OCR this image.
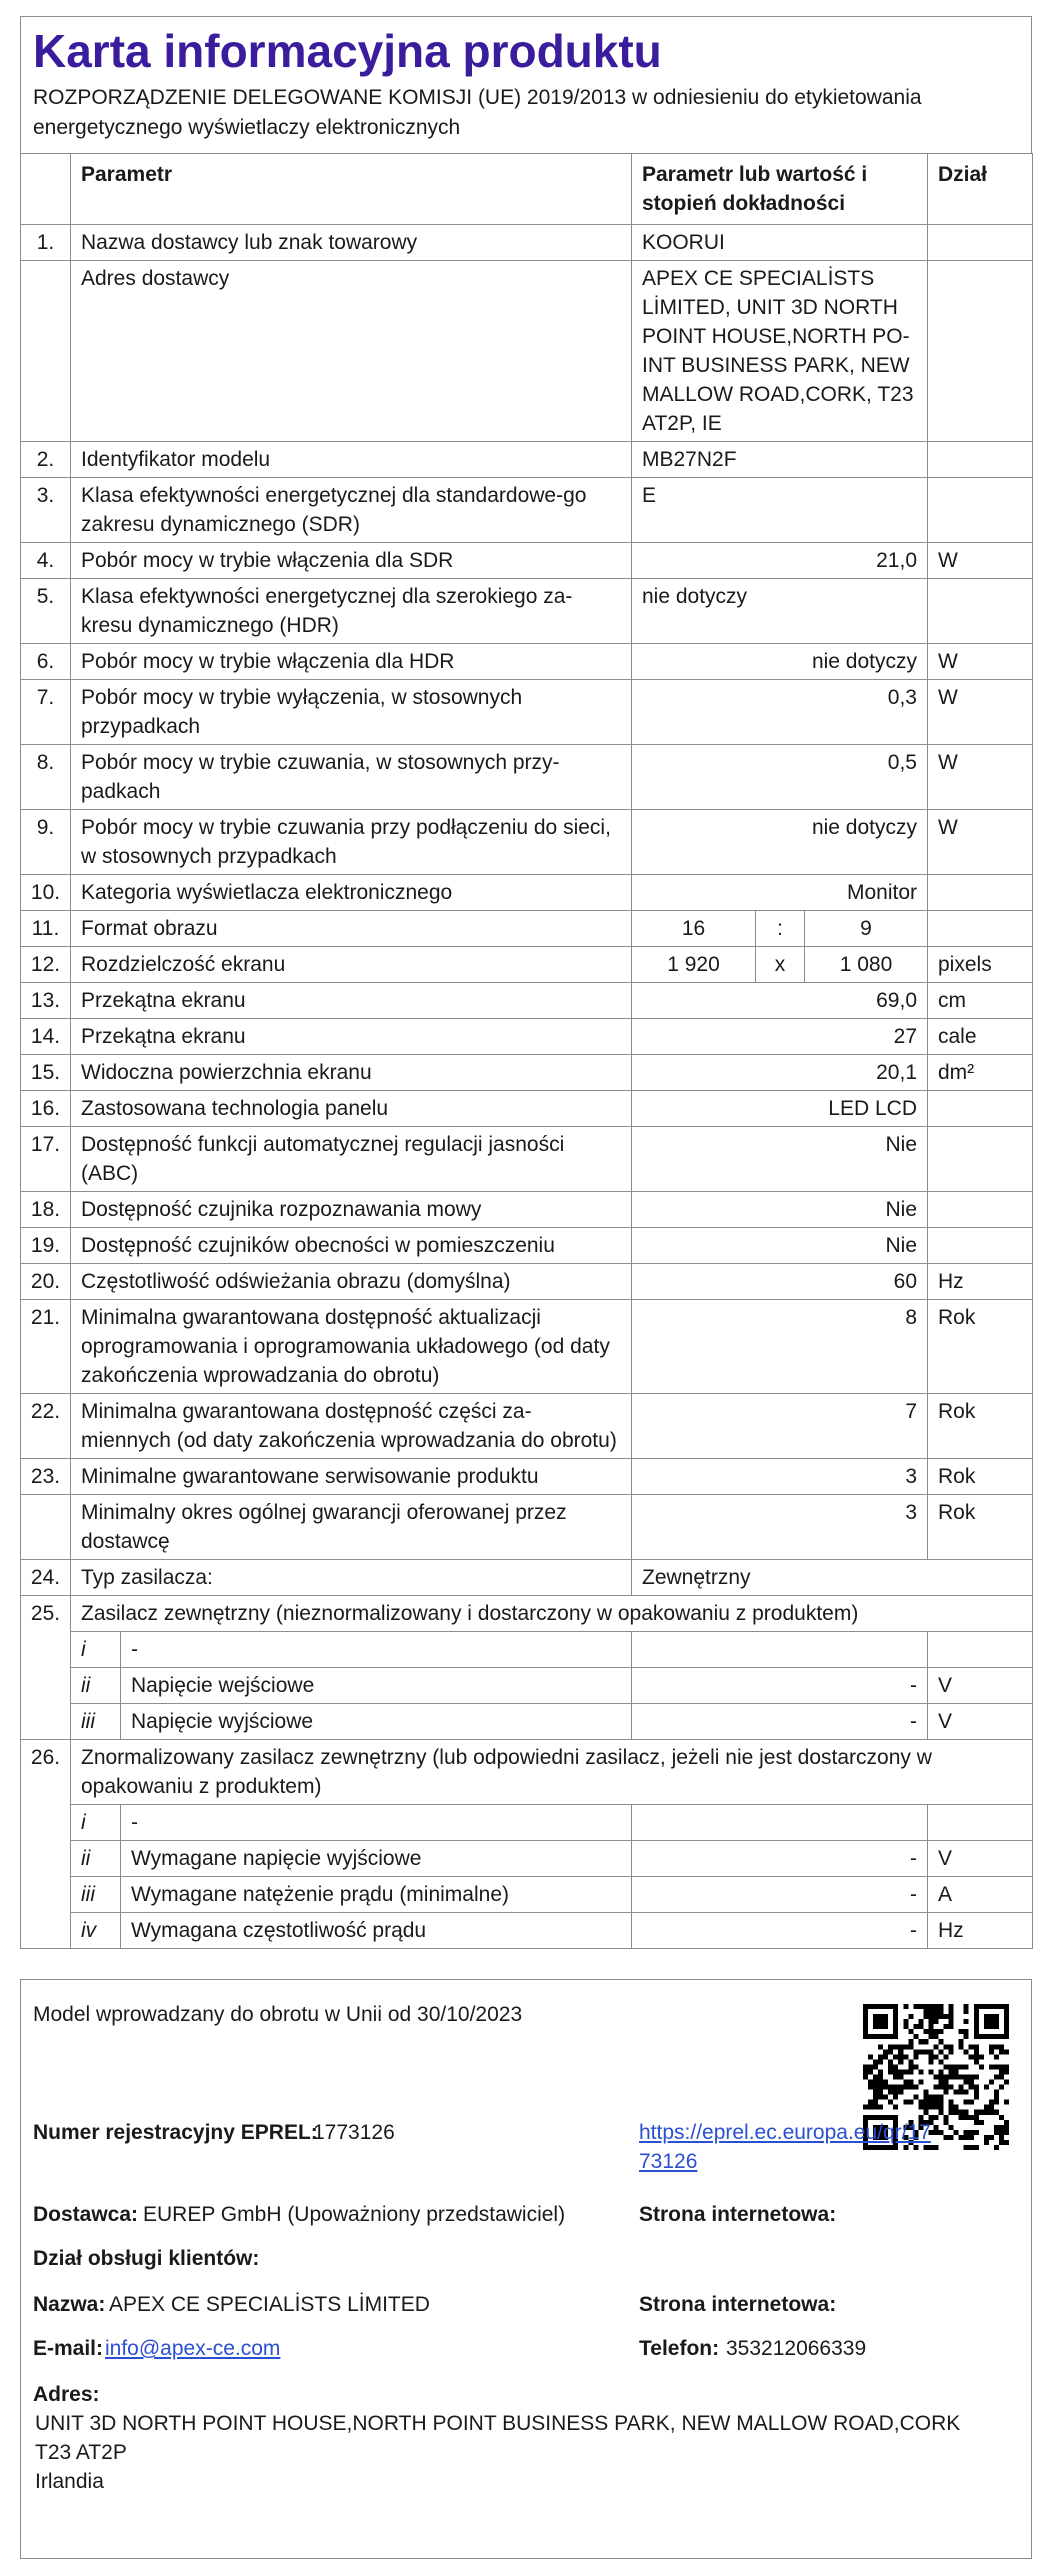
Karta informacyjna produktu
ROZPORZĄDZENIE DELEGOWANE KOMISJI (UE) 2019/2013 w odniesieniu do etykietowania energetycznego wyświetlaczy elektronicznych
	Parametr		Parametr lub wartość i stopień dokładności			Dział
1.	Nazwa dostawcy lub znak towarowy		KOORUI			
	Adres dostawcy		APEX CE SPECIALİSTS LİMITED, UNIT 3D NORTH POINT HOUSE,NORTH PO-INT BUSINESS PARK, NEW MALLOW ROAD,CORK, T23 AT2P, IE			
2.	Identyfikator modelu		MB27N2F			
3.	Klasa efektywności energetycznej dla standardowe-go zakresu dynamicznego (SDR)		E			
4.	Pobór mocy w trybie włączenia dla SDR		21,0			W
5.	Klasa efektywności energetycznej dla szerokiego za-kresu dynamicznego (HDR)		nie dotyczy			
6.	Pobór mocy w trybie włączenia dla HDR		nie dotyczy			W
7.	Pobór mocy w trybie wyłączenia, w stosownych przypadkach		0,3			W
8.	Pobór mocy w trybie czuwania, w stosownych przy-padkach		0,5			W
9.	Pobór mocy w trybie czuwania przy podłączeniu do sieci, w stosownych przypadkach		nie dotyczy			W
10.	Kategoria wyświetlacza elektronicznego		Monitor			
11.	Format obrazu		16	:	9	
12.	Rozdzielczość ekranu		1 920	x	1 080	pixels
13.	Przekątna ekranu		69,0			cm
14.	Przekątna ekranu		27			cale
15.	Widoczna powierzchnia ekranu		20,1			dm²
16.	Zastosowana technologia panelu		LED LCD			
17.	Dostępność funkcji automatycznej regulacji jasności (ABC)		Nie			
18.	Dostępność czujnika rozpoznawania mowy		Nie			
19.	Dostępność czujników obecności w pomieszczeniu		Nie			
20.	Częstotliwość odświeżania obrazu (domyślna)		60			Hz
21.	Minimalna gwarantowana dostępność aktualizacji oprogramowania i oprogramowania układowego (od daty zakończenia wprowadzania do obrotu)		8			Rok
22.	Minimalna gwarantowana dostępność części za-miennych (od daty zakończenia wprowadzania do obrotu)		7			Rok
23.	Minimalne gwarantowane serwisowanie produktu		3			Rok
	Minimalny okres ogólnej gwarancji oferowanej przez dostawcę		3			Rok
24.	Typ zasilacza:		Zewnętrzny			
25.	Zasilacz zewnętrzny (nieznormalizowany i dostarczony w opakowaniu z produktem)					
	i	-				
	ii	Napięcie wejściowe	-			V
	iii	Napięcie wyjściowe	-			V
26.	Znormalizowany zasilacz zewnętrzny (lub odpowiedni zasilacz, jeżeli nie jest dostarczony w opakowaniu z produktem)					
	i	-				
	ii	Wymagane napięcie wyjściowe	-			V
	iii	Wymagane natężenie prądu (minimalne)	-			A
	iv	Wymagana częstotliwość prądu	-			Hz
Model wprowadzany do obrotu w Unii od 30/10/2023
Numer rejestracyjny EPREL:
1773126	https://eprel.ec.europa.eu/qr/17
73126
Dostawca: EUREP GmbH (Upoważniony przedstawiciel)	Strona internetowa:
Dział obsługi klientów:
Nazwa: APEX CE SPECIALİSTS LİMITED	Strona internetowa:
E-mail: info@apex-ce.com	Telefon: 353212066339
Adres:
UNIT 3D NORTH POINT HOUSE,NORTH POINT BUSINESS PARK, NEW MALLOW ROAD,CORK
T23 AT2P
Irlandia
